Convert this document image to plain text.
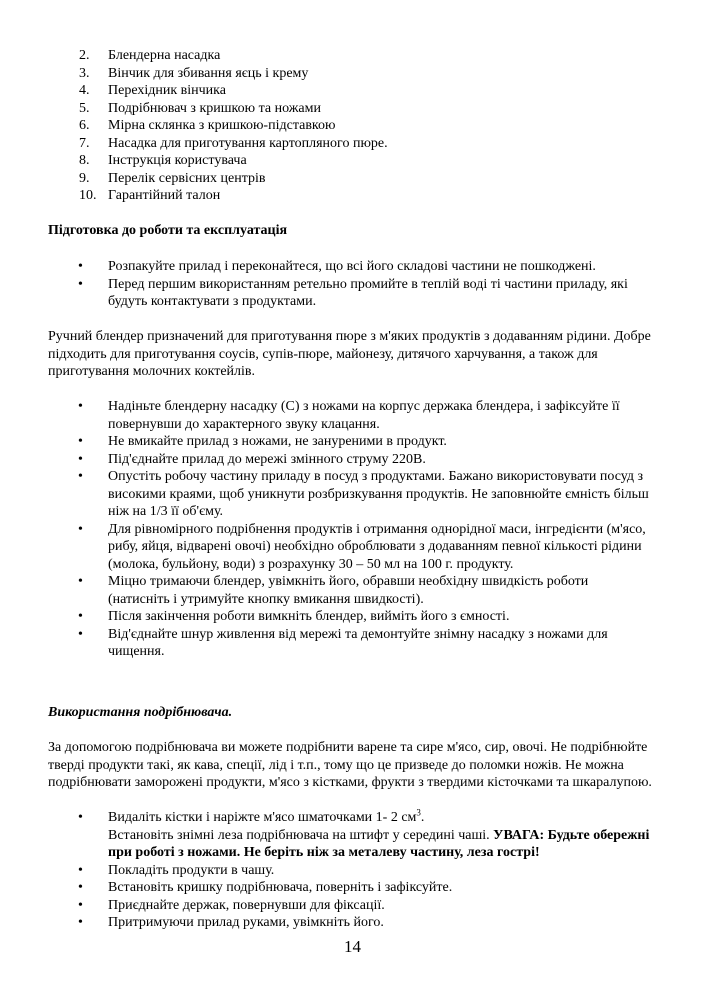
2.	Блендерна насадка
3.	Вінчик для збивання яєць і крему
4.	Перехідник вінчика
5.	Подрібнювач з кришкою та ножами
6.	Мірна склянка з кришкою-підставкою
7.	Насадка для приготування картопляного пюре.
8.	Інструкція користувача
9.	Перелік сервісних центрів
10. Гарантійний талон
Підготовка до роботи та експлуатація
• Розпакуйте прилад і переконайтеся, що всі його складові частини не пошкоджені.
• Перед першим використанням ретельно промийте в теплій воді ті частини приладу, які будуть контактувати з продуктами.
Ручний блендер призначений для приготування пюре з м'яких продуктів з додаванням рідини. Добре підходить для приготування соусів, супів-пюре, майонезу, дитячого харчування, а також для приготування молочних коктейлів.
• Надіньте блендерну насадку (С) з ножами на корпус держака блендера, і зафіксуйте її повернувши до характерного звуку клацання.
• Не вмикайте прилад з ножами, не зануреними в продукт.
• Під'єднайте прилад до мережі змінного струму 220В.
• Опустіть робочу частину приладу в посуд з продуктами. Бажано використовувати посуд з високими краями, щоб уникнути розбризкування продуктів. Не заповнюйте ємність більш ніж на 1/3 її об'єму.
• Для рівномірного подрібнення продуктів і отримання однорідної маси, інгредієнти (м'ясо, рибу, яйця, відварені овочі) необхідно оброблювати з додаванням певної кількості рідини (молока, бульйону, води) з розрахунку 30 – 50 мл на 100 г. продукту.
• Міцно тримаючи блендер, увімкніть його, обравши необхідну швидкість роботи (натисніть і утримуйте кнопку вмикання швидкості).
• Після закінчення роботи вимкніть блендер, вийміть його з ємності.
• Від'єднайте шнур живлення від мережі та демонтуйте знімну насадку з ножами для чищення.
Використання подрібнювача.
За допомогою подрібнювача ви можете подрібнити варене та сире м'ясо, сир, овочі. Не подрібнюйте тверді продукти такі, як кава, спеції, лід і т.п., тому що це призведе до поломки ножів. Не можна подрібнювати заморожені продукти, м'ясо з кістками, фрукти з твердими кісточками та шкаралупою.
• Видаліть кістки і наріжте м'ясо шматочками 1- 2 $см^3$.
Встановіть знімні леза подрібнювача на штифт у середині чаші. УВАГА: Будьте обережні при роботі з ножами. Не беріть ніж за металеву частину, леза гострі!
• Покладіть продукти в чашу.
• Встановіть кришку подрібнювача, поверніть і зафіксуйте.
• Приєднайте держак, повернувши для фіксації.
• Притримуючи прилад руками, увімкніть його.
14
